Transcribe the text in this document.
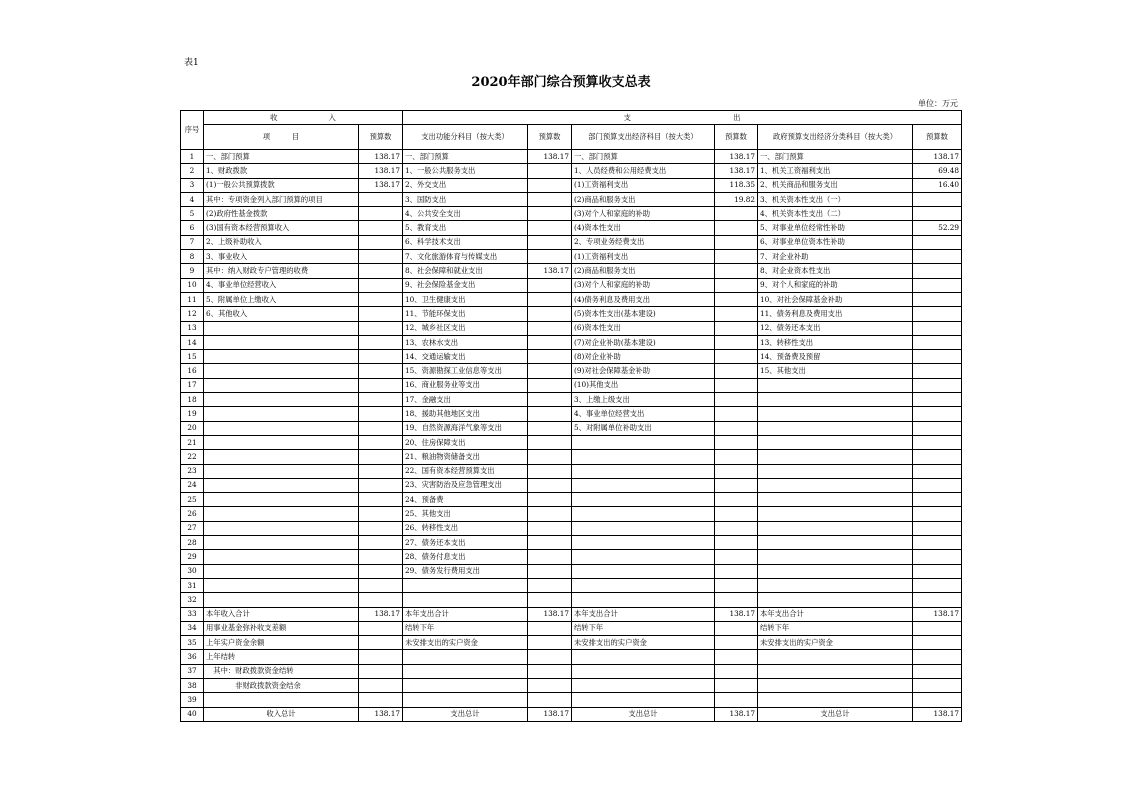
表1
2020年部门综合预算收支总表
单位：万元
序号	收　　　　　　　入		支　　　　　　　　　　　　　　出					
	项　　　目	预算数	支出功能分科目（按大类）	预算数	部门预算支出经济科目（按大类）	预算数	政府预算支出经济分类科目（按大类）	预算数
1	一、部门预算	138.17	一、部门预算	138.17	一、部门预算	138.17	一、部门预算	138.17
2	1、财政拨款	138.17	1、一般公共服务支出		1、人员经费和公用经费支出	138.17	1、机关工资福利支出	69.48
3	(1)一般公共预算拨款	138.17	2、外交支出		(1)工资福利支出	118.35	2、机关商品和服务支出	16.40
4	其中：专项资金列入部门预算的项目		3、国防支出		(2)商品和服务支出	19.82	3、机关资本性支出（一）	
5	(2)政府性基金拨款		4、公共安全支出		(3)对个人和家庭的补助		4、机关资本性支出（二）	
6	(3)国有资本经营预算收入		5、教育支出		(4)资本性支出		5、对事业单位经常性补助	52.29
7	2、上级补助收入		6、科学技术支出		2、专项业务经费支出		6、对事业单位资本性补助	
8	3、事业收入		7、文化旅游体育与传媒支出		(1)工资福利支出		7、对企业补助	
9	其中：纳入财政专户管理的收费		8、社会保障和就业支出	138.17	(2)商品和服务支出		8、对企业资本性支出	
10	4、事业单位经营收入		9、社会保险基金支出		(3)对个人和家庭的补助		9、对个人和家庭的补助	
11	5、附属单位上缴收入		10、卫生健康支出		(4)债务利息及费用支出		10、对社会保障基金补助	
12	6、其他收入		11、节能环保支出		(5)资本性支出(基本建设)		11、债务利息及费用支出	
13			12、城乡社区支出		(6)资本性支出		12、债务还本支出	
14			13、农林水支出		(7)对企业补助(基本建设)		13、转移性支出	
15			14、交通运输支出		(8)对企业补助		14、预备费及预留	
16			15、资源勘探工业信息等支出		(9)对社会保障基金补助		15、其他支出	
17			16、商业服务业等支出		(10)其他支出			
18			17、金融支出		3、上缴上级支出			
19			18、援助其他地区支出		4、事业单位经营支出			
20			19、自然资源海洋气象等支出		5、对附属单位补助支出			
21			20、住房保障支出					
22			21、粮油物资储备支出					
23			22、国有资本经营预算支出					
24			23、灾害防治及应急管理支出					
25			24、预备费					
26			25、其他支出					
27			26、转移性支出					
28			27、债务还本支出					
29			28、债务付息支出					
30			29、债务发行费用支出					
31								
32								
33	本年收入合计	138.17	本年支出合计	138.17	本年支出合计	138.17	本年支出合计	138.17
34	用事业基金弥补收支差额		结转下年		结转下年		结转下年	
35	上年实户资金余额		未安排支出的实户资金		未安排支出的实户资金		未安排支出的实户资金	
36	上年结转							
37	　其中：财政拨款资金结转							
38	　　　　非财政拨款资金结余							
39								
40	收入总计	138.17	支出总计	138.17	支出总计	138.17	支出总计	138.17
